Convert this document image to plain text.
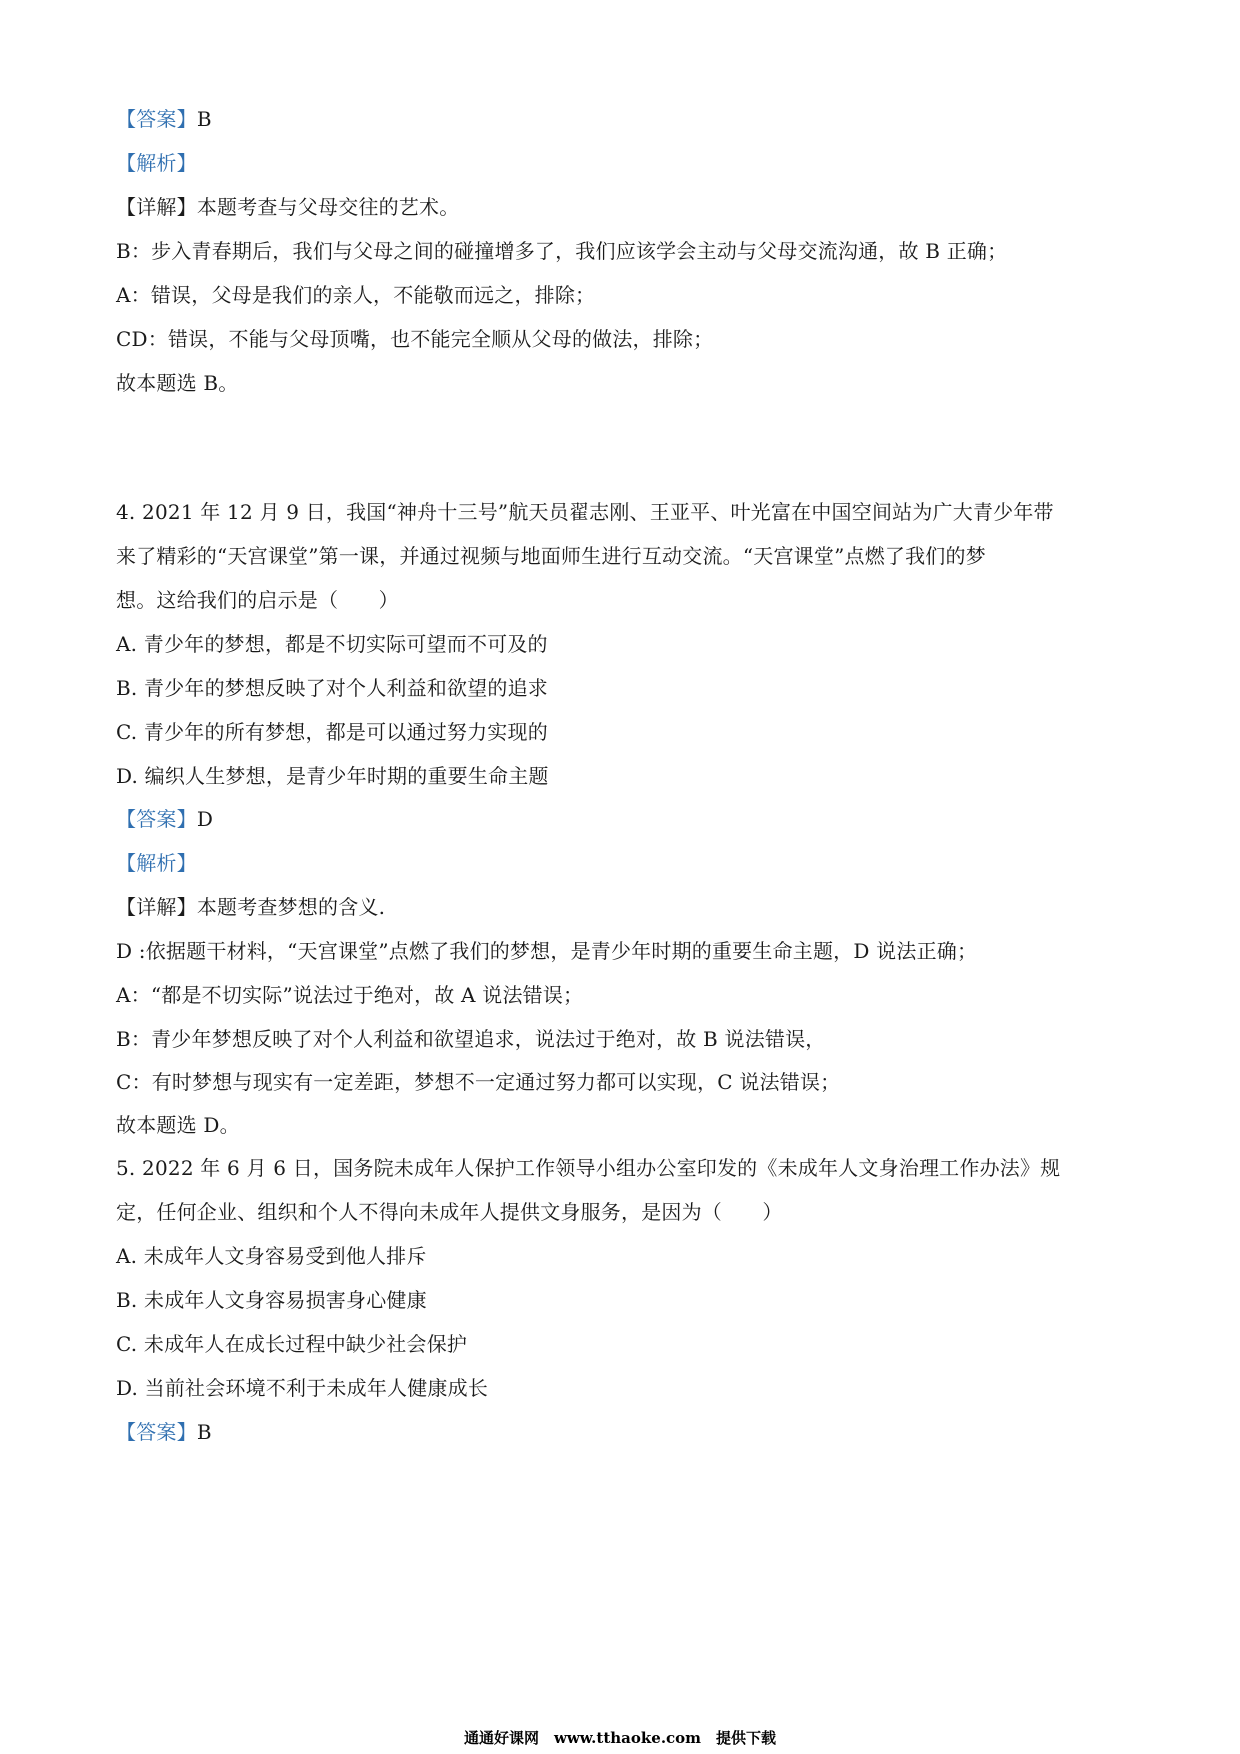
【答案】B
【解析】
【详解】本题考查与父母交往的艺术。
B：步入青春期后，我们与父母之间的碰撞增多了，我们应该学会主动与父母交流沟通，故 B 正确；
A：错误，父母是我们的亲人，不能敬而远之，排除；
CD：错误，不能与父母顶嘴，也不能完全顺从父母的做法，排除；
故本题选 B。
4. 2021 年 12 月 9 日，我国“神舟十三号”航天员翟志刚、王亚平、叶光富在中国空间站为广大青少年带
来了精彩的“天宫课堂”第一课，并通过视频与地面师生进行互动交流。“天宫课堂”点燃了我们的梦
想。这给我们的启示是（　　）
A. 青少年的梦想，都是不切实际可望而不可及的
B. 青少年的梦想反映了对个人利益和欲望的追求
C. 青少年的所有梦想，都是可以通过努力实现的
D. 编织人生梦想，是青少年时期的重要生命主题
【答案】D
【解析】
【详解】本题考查梦想的含义.
D :依据题干材料，“天宫课堂”点燃了我们的梦想，是青少年时期的重要生命主题，D 说法正确；
A：“都是不切实际”说法过于绝对，故 A 说法错误；
B：青少年梦想反映了对个人利益和欲望追求，说法过于绝对，故 B 说法错误，
C：有时梦想与现实有一定差距，梦想不一定通过努力都可以实现，C 说法错误；
故本题选 D。
5. 2022 年 6 月 6 日，国务院未成年人保护工作领导小组办公室印发的《未成年人文身治理工作办法》规
定，任何企业、组织和个人不得向未成年人提供文身服务，是因为（　　）
A. 未成年人文身容易受到他人排斥
B. 未成年人文身容易损害身心健康
C. 未成年人在成长过程中缺少社会保护
D. 当前社会环境不利于未成年人健康成长
【答案】B
通通好课网　www.tthaoke.com　提供下载
